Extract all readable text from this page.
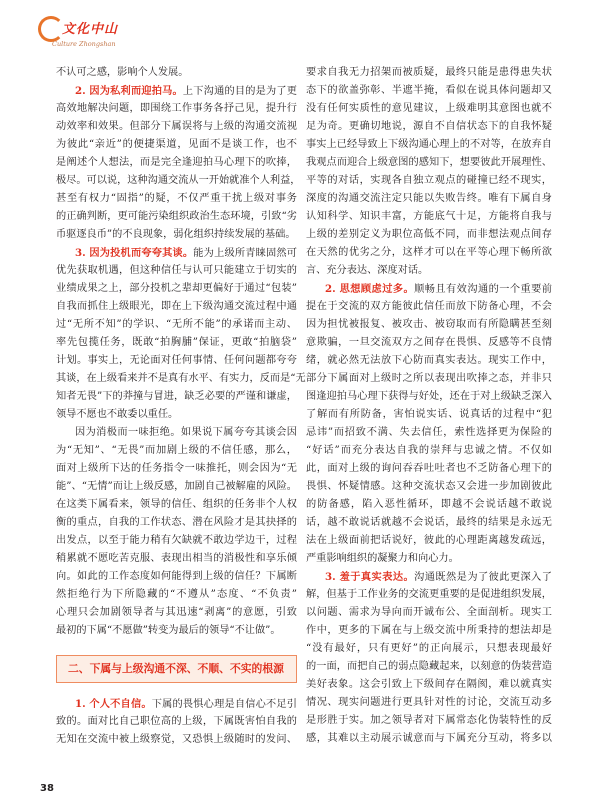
文化中山
Culture Zhongshan
不认可之感，影响个人发展。
2. 因为私利而迎拍马。上下沟通的目的是为了更
高效地解决问题，即围绕工作事务各抒己见，提升行
动效率和效果。但部分下属误将与上级的沟通交流视
为彼此“亲近”的便捷渠道，见面不是谈工作，也不
是阐述个人想法，而是完全逢迎拍马心理下的吹捧，
极尽。可以说，这种沟通交流从一开始就准个人利益，
甚至有权力“固指”的疑，不仅严重干扰上级对事务
的正确判断，更可能污染组织政治生态环境，引致“劣
币驱逐良币”的不良现象，弱化组织持续发展的基础。
3. 因为投机而夸夸其谈。能为上级所青睐固然可
优先获取机遇，但这种信任与认可只能建立于切实的
业绩成果之上，部分投机之辈却更偏好于通过“包装”
自我而抓住上级眼光，即在上下级沟通交流过程中通
过“无所不知”的学识、“无所不能”的承诺而主动、
率先包揽任务，既敢“拍胸脯”保证，更敢“拍脑袋”
计划。事实上，无论面对任何事情、任何问题都夸夸
其谈，在上级看来并不是真有水平、有实力，反而是“无
知者无畏”下的莽撞与冒进，缺乏必要的严谨和谦虚，
领导不愿也不敢委以重任。
因为消极而一味拒绝。如果说下属夸夸其谈会因
为“无知”、“无畏”而加剧上级的不信任感，那么，
面对上级所下达的任务指令一味推托，则会因为“无
能”、“无情”而让上级反感，加剧自己被解雇的风险。
在这类下属看来，领导的信任、组织的任务非个人权
衡的重点，自我的工作状态、潜在风险才是其抉择的
出发点，以至于能力稍有欠缺就不敢边学边干，过程
稍累就不愿吃苦克服、表现出相当的消极性和享乐倾
向。如此的工作态度如何能得到上级的信任？下属断
然拒绝行为下所隐藏的“不遵从”态度、“不负责”
心理只会加剧领导者与其迅速“剥离”的意愿，引致
最初的下属“不愿做”转变为最后的领导“不让做”。
二、下属与上级沟通不深、不顺、不实的根源
1. 个人不自信。下属的畏惧心理是自信心不足引
致的。面对比自己职位高的上级，下属既害怕自我的
无知在交流中被上级察觉，又恐惧上级随时的发问、
要求自我无力招架而被质疑，最终只能是患得患失状
态下的欲盖弥彰、半遮半掩，看似在说具体问题却又
没有任何实质性的意见建议，上级难明其意图也就不
足为奇。更确切地说，源自不自信状态下的自我怀疑
事实上已经导致上下级沟通心理上的不对等，在放弃自
我观点而迎合上级意图的感知下，想要彼此开展理性、
平等的对话，实现各自独立观点的碰撞已经不现实，
深度的沟通交流注定只能以失败告终。唯有下属自身
认知科学、知识丰富，方能底气十足，方能将自我与
上级的差别定义为职位高低不同，而非想法观点间存
在天然的优劣之分，这样才可以在平等心理下畅所欲
言、充分表达、深度对话。
2. 思想顾虑过多。顺畅且有效沟通的一个重要前
提在于交流的双方能彼此信任而放下防备心理，不会
因为担忧被报复、被攻击、被窃取而有所隐瞒甚至刻
意欺骗，一旦交流双方之间存在畏惧、反感等不良情
绪，就必然无法放下心防而真实表达。现实工作中，
部分下属面对上级时之所以表现出吹捧之态，并非只
图逢迎拍马心理下获得与好处，还在于对上级缺乏深入
了解而有所防备，害怕说实话、说真话的过程中“犯
忌讳”而招致不满、失去信任，索性选择更为保险的
“好话”而充分表达自我的崇拜与忠诚之情。不仅如
此，面对上级的询问吞吞吐吐者也不乏防备心理下的
畏惧、怀疑情感。这种交流状态又会进一步加剧彼此
的防备感，陷入恶性循环，即越不会说话越不敢说
话，越不敢说话就越不会说话，最终的结果是永远无
法在上级面前把话说好，彼此的心理距离越发疏远，
严重影响组织的凝聚力和向心力。
3. 羞于真实表达。沟通既然是为了彼此更深入了
解，但基于工作业务的交流更重要的是促进组织发展，
以问题、需求为导向而开诚布公、全面剖析。现实工
作中，更多的下属在与上级交流中所秉持的想法却是
“没有最好，只有更好”的正向展示，只想表现最好
的一面，而把自己的弱点隐藏起来，以刻意的伪装营造
美好表象。这会引致上下级间存在隔阂，难以就真实
情况、现实问题进行更具针对性的讨论，交流互动多
是形胜于实。加之领导者对下属常态化伪装特性的反
感，其难以主动展示诚意而与下属充分互动，将多以
38
